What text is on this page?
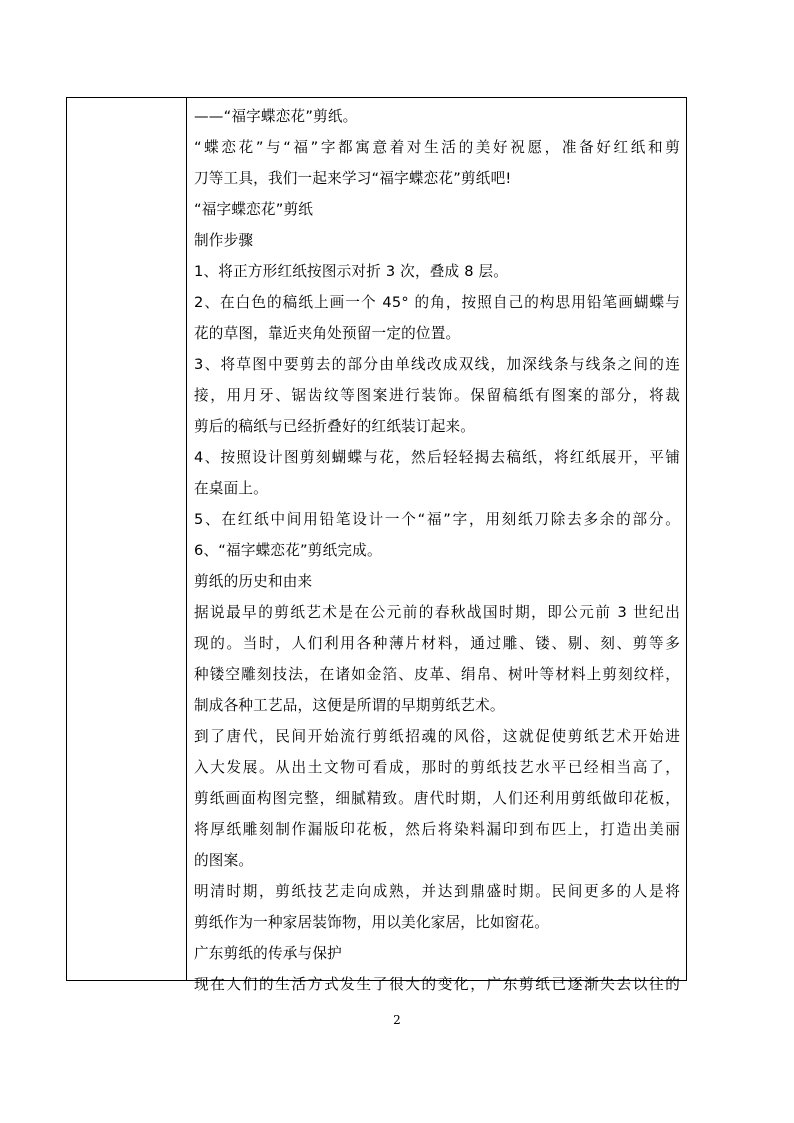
——“福字蝶恋花”剪纸。
“蝶恋花”与“福”字都寓意着对生活的美好祝愿，准备好红纸和剪
刀等工具，我们一起来学习“福字蝶恋花”剪纸吧!
“福字蝶恋花”剪纸
制作步骤
1、将正方形红纸按图示对折 3 次，叠成 8 层。
2、在白色的稿纸上画一个 45° 的角，按照自己的构思用铅笔画蝴蝶与
花的草图，靠近夹角处预留一定的位置。
3、将草图中要剪去的部分由单线改成双线，加深线条与线条之间的连
接，用月牙、锯齿纹等图案进行装饰。保留稿纸有图案的部分，将裁
剪后的稿纸与已经折叠好的红纸装订起来。
4、按照设计图剪刻蝴蝶与花，然后轻轻揭去稿纸，将红纸展开，平铺
在桌面上。
5、在红纸中间用铅笔设计一个“福”字，用刻纸刀除去多余的部分。
6、“福字蝶恋花”剪纸完成。
剪纸的历史和由来
据说最早的剪纸艺术是在公元前的春秋战国时期，即公元前 3 世纪出
现的。当时，人们利用各种薄片材料，通过雕、镂、剔、刻、剪等多
种镂空雕刻技法，在诸如金箔、皮革、绢帛、树叶等材料上剪刻纹样，
制成各种工艺品，这便是所谓的早期剪纸艺术。
到了唐代，民间开始流行剪纸招魂的风俗，这就促使剪纸艺术开始进
入大发展。从出土文物可看成，那时的剪纸技艺水平已经相当高了，
剪纸画面构图完整，细腻精致。唐代时期，人们还利用剪纸做印花板，
将厚纸雕刻制作漏版印花板，然后将染料漏印到布匹上，打造出美丽
的图案。
明清时期，剪纸技艺走向成熟，并达到鼎盛时期。民间更多的人是将
剪纸作为一种家居装饰物，用以美化家居，比如窗花。
广东剪纸的传承与保护
现在人们的生活方式发生了很大的变化，广东剪纸已逐渐失去以往的
2
